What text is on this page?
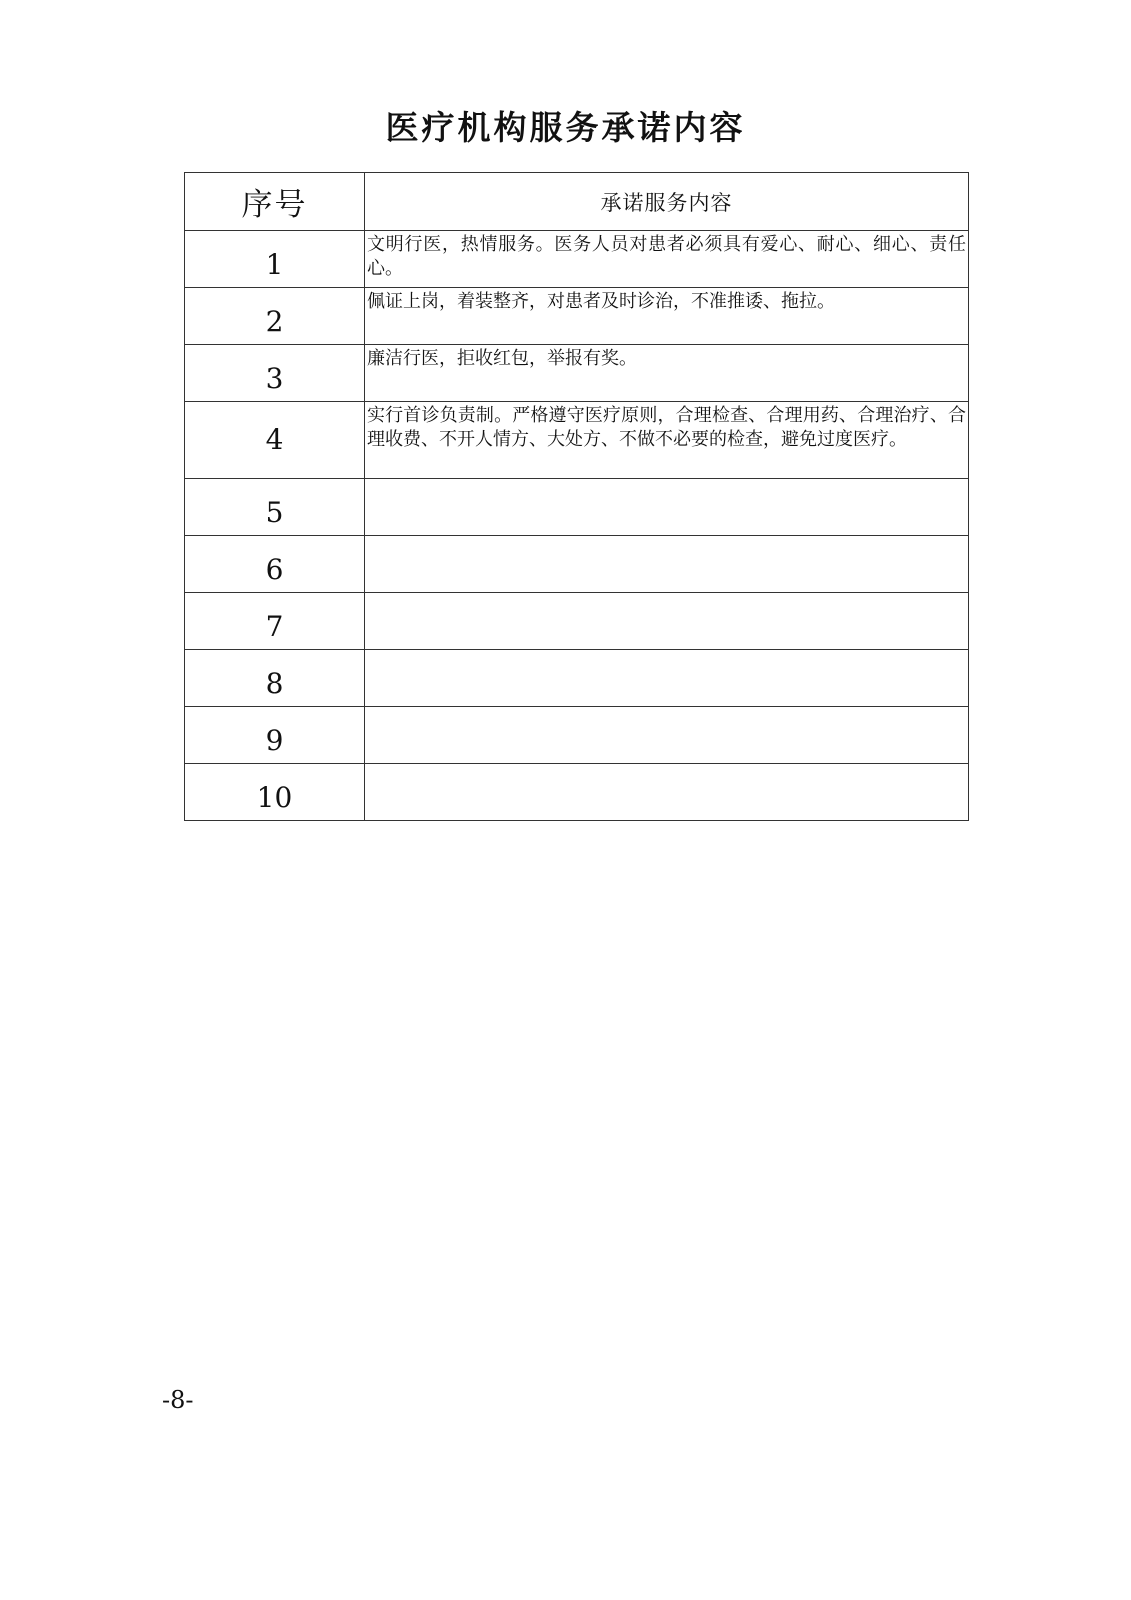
医疗机构服务承诺内容
序号	承诺服务内容
1	文明行医，热情服务。医务人员对患者必须具有爱心、耐心、细心、责任心。
2	佩证上岗，着装整齐，对患者及时诊治，不准推诿、拖拉。
3	廉洁行医，拒收红包，举报有奖。
4	实行首诊负责制。严格遵守医疗原则，合理检查、合理用药、合理治疗、合理收费、不开人情方、大处方、不做不必要的检查，避免过度医疗。
5	
6	
7	
8	
9	
10	
-8-
